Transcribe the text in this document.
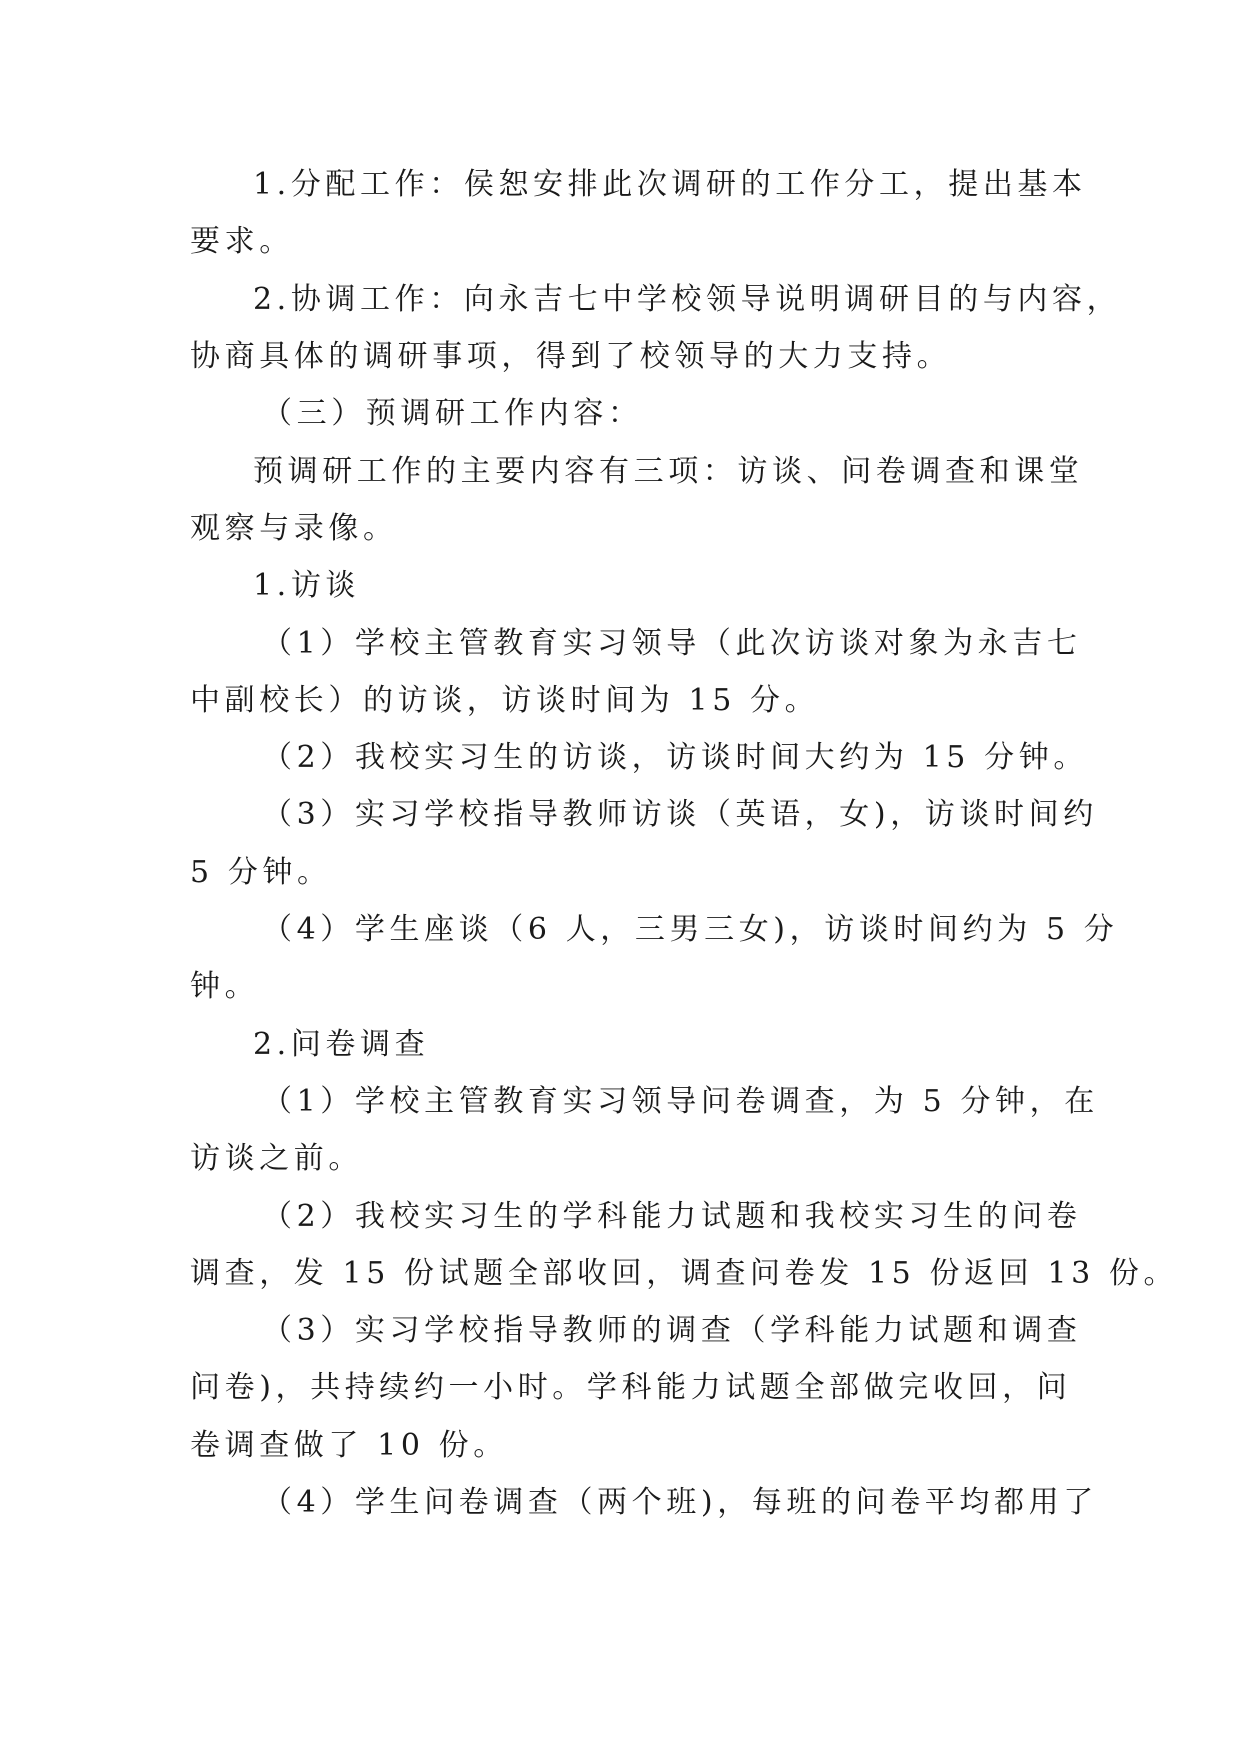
1.分配工作：侯恕安排此次调研的工作分工，提出基本

要求。

2.协调工作：向永吉七中学校领导说明调研目的与内容，

协商具体的调研事项，得到了校领导的大力支持。

（三）预调研工作内容：

预调研工作的主要内容有三项：访谈、问卷调查和课堂

观察与录像。

1.访谈

（1）学校主管教育实习领导（此次访谈对象为永吉七

中副校长）的访谈，访谈时间为 15 分。

（2）我校实习生的访谈，访谈时间大约为 15 分钟。

（3）实习学校指导教师访谈（英语，女)，访谈时间约

5 分钟。

（4）学生座谈（6 人，三男三女)，访谈时间约为 5 分

钟。

2.问卷调查

（1）学校主管教育实习领导问卷调查，为 5 分钟，在

访谈之前。

（2）我校实习生的学科能力试题和我校实习生的问卷

调查，发 15 份试题全部收回，调查问卷发 15 份返回 13 份。

（3）实习学校指导教师的调查（学科能力试题和调查

问卷)，共持续约一小时。学科能力试题全部做完收回，问

卷调查做了 10 份。

（4）学生问卷调查（两个班)，每班的问卷平均都用了
